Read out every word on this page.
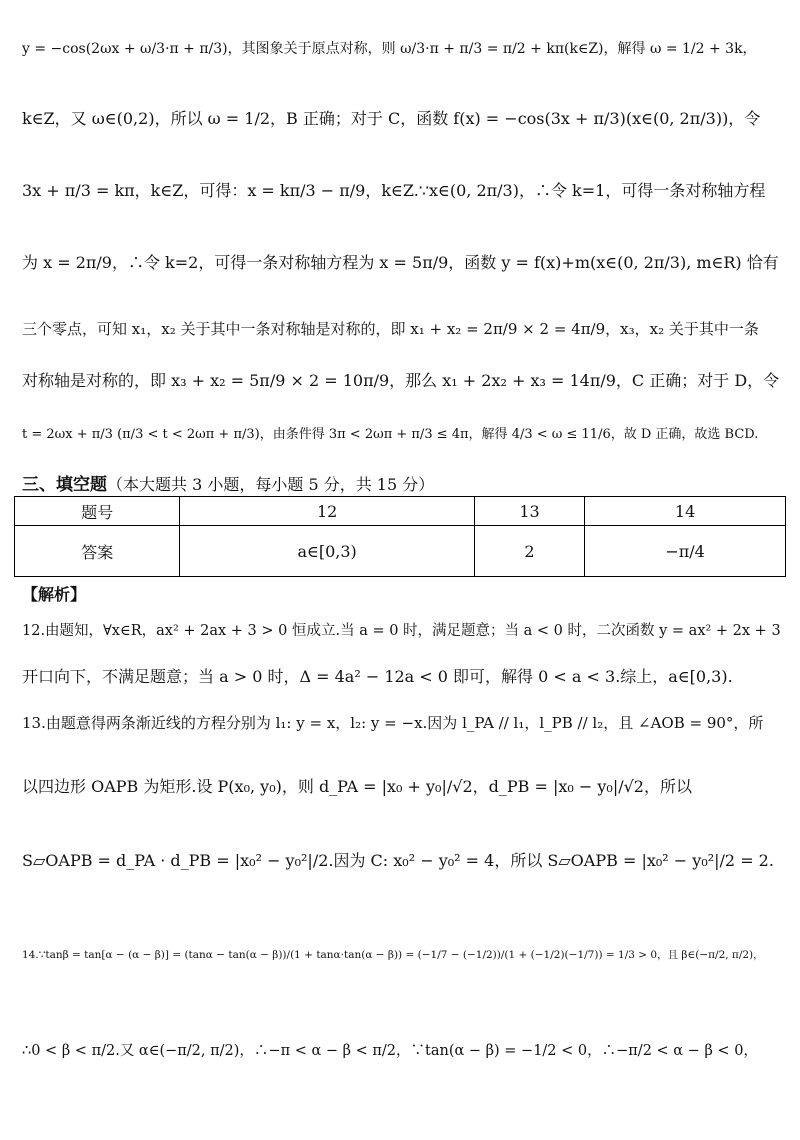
y = −cos(2ωx + ω/3·π + π/3)，其图象关于原点对称，则 ω/3·π + π/3 = π/2 + kπ(k∈Z)，解得 ω = 1/2 + 3k，
k∈Z，又 ω∈(0,2)，所以 ω = 1/2，B 正确；对于 C，函数 f(x) = −cos(3x + π/3)(x∈(0, 2π/3))，令
3x + π/3 = kπ，k∈Z，可得：x = kπ/3 − π/9，k∈Z.∵x∈(0, 2π/3)，∴令 k=1，可得一条对称轴方程
为 x = 2π/9，∴令 k=2，可得一条对称轴方程为 x = 5π/9，函数 y = f(x)+m(x∈(0, 2π/3), m∈R) 恰有
三个零点，可知 x₁，x₂ 关于其中一条对称轴是对称的，即 x₁ + x₂ = 2π/9 × 2 = 4π/9，x₃，x₂ 关于其中一条
对称轴是对称的，即 x₃ + x₂ = 5π/9 × 2 = 10π/9，那么 x₁ + 2x₂ + x₃ = 14π/9，C 正确；对于 D，令
t = 2ωx + π/3 (π/3 < t < 2ωπ + π/3)，由条件得 3π < 2ωπ + π/3 ≤ 4π，解得 4/3 < ω ≤ 11/6，故 D 正确，故选 BCD.
三、填空题（本大题共 3 小题，每小题 5 分，共 15 分）
题号	12	13	14
答案	a∈[0,3)	2	−π/4
【解析】
12.由题知，∀x∈R，ax² + 2ax + 3 > 0 恒成立.当 a = 0 时，满足题意；当 a < 0 时，二次函数 y = ax² + 2x + 3
开口向下，不满足题意；当 a > 0 时，Δ = 4a² − 12a < 0 即可，解得 0 < a < 3.综上，a∈[0,3).
13.由题意得两条渐近线的方程分别为 l₁: y = x，l₂: y = −x.因为 l_PA // l₁，l_PB // l₂，且 ∠AOB = 90°，所
以四边形 OAPB 为矩形.设 P(x₀, y₀)，则 d_PA = |x₀ + y₀|/√2，d_PB = |x₀ − y₀|/√2，所以
S▱OAPB = d_PA · d_PB = |x₀² − y₀²|/2.因为 C: x₀² − y₀² = 4，所以 S▱OAPB = |x₀² − y₀²|/2 = 2.
14.∵tanβ = tan[α − (α − β)] = (tanα − tan(α − β))/(1 + tanα·tan(α − β)) = (−1/7 − (−1/2))/(1 + (−1/2)(−1/7)) = 1/3 > 0，且 β∈(−π/2, π/2)，
∴0 < β < π/2.又 α∈(−π/2, π/2)，∴−π < α − β < π/2，∵tan(α − β) = −1/2 < 0，∴−π/2 < α − β < 0，
